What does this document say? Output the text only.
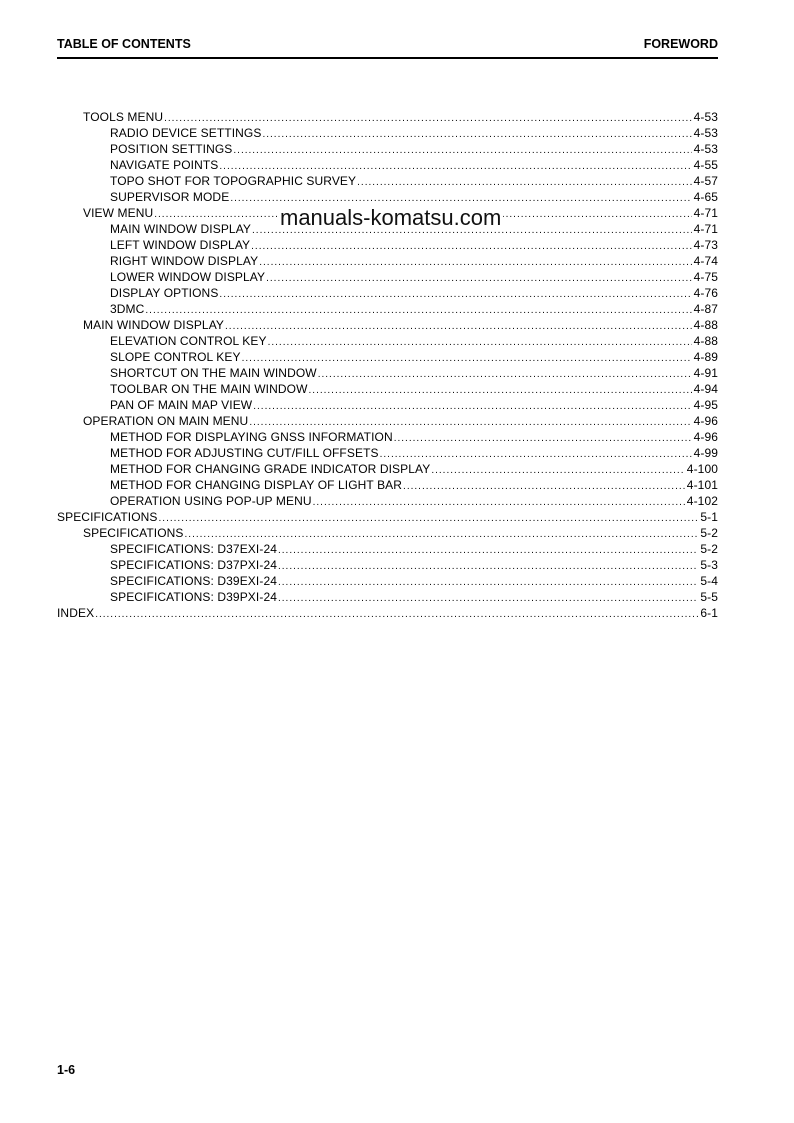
TABLE OF CONTENTS	FOREWORD
TOOLS MENU .....	4-53
RADIO DEVICE SETTINGS .....	4-53
POSITION SETTINGS .....	4-53
NAVIGATE POINTS .....	4-55
TOPO SHOT FOR TOPOGRAPHIC SURVEY .....	4-57
SUPERVISOR MODE .....	4-65
VIEW MENU .....	4-71
MAIN WINDOW DISPLAY .....	4-71
LEFT WINDOW DISPLAY .....	4-73
RIGHT WINDOW DISPLAY .....	4-74
LOWER WINDOW DISPLAY .....	4-75
DISPLAY OPTIONS .....	4-76
3DMC .....	4-87
MAIN WINDOW DISPLAY .....	4-88
ELEVATION CONTROL KEY .....	4-88
SLOPE CONTROL KEY .....	4-89
SHORTCUT ON THE MAIN WINDOW .....	4-91
TOOLBAR ON THE MAIN WINDOW .....	4-94
PAN OF MAIN MAP VIEW .....	4-95
OPERATION ON MAIN MENU .....	4-96
METHOD FOR DISPLAYING GNSS INFORMATION .....	4-96
METHOD FOR ADJUSTING CUT/FILL OFFSETS .....	4-99
METHOD FOR CHANGING GRADE INDICATOR DISPLAY .....	4-100
METHOD FOR CHANGING DISPLAY OF LIGHT BAR .....	4-101
OPERATION USING POP-UP MENU .....	4-102
SPECIFICATIONS .....	5-1
SPECIFICATIONS .....	5-2
SPECIFICATIONS: D37EXI-24 .....	5-2
SPECIFICATIONS: D37PXI-24 .....	5-3
SPECIFICATIONS: D39EXI-24 .....	5-4
SPECIFICATIONS: D39PXI-24 .....	5-5
INDEX .....	6-1
manuals-komatsu.com
1-6
